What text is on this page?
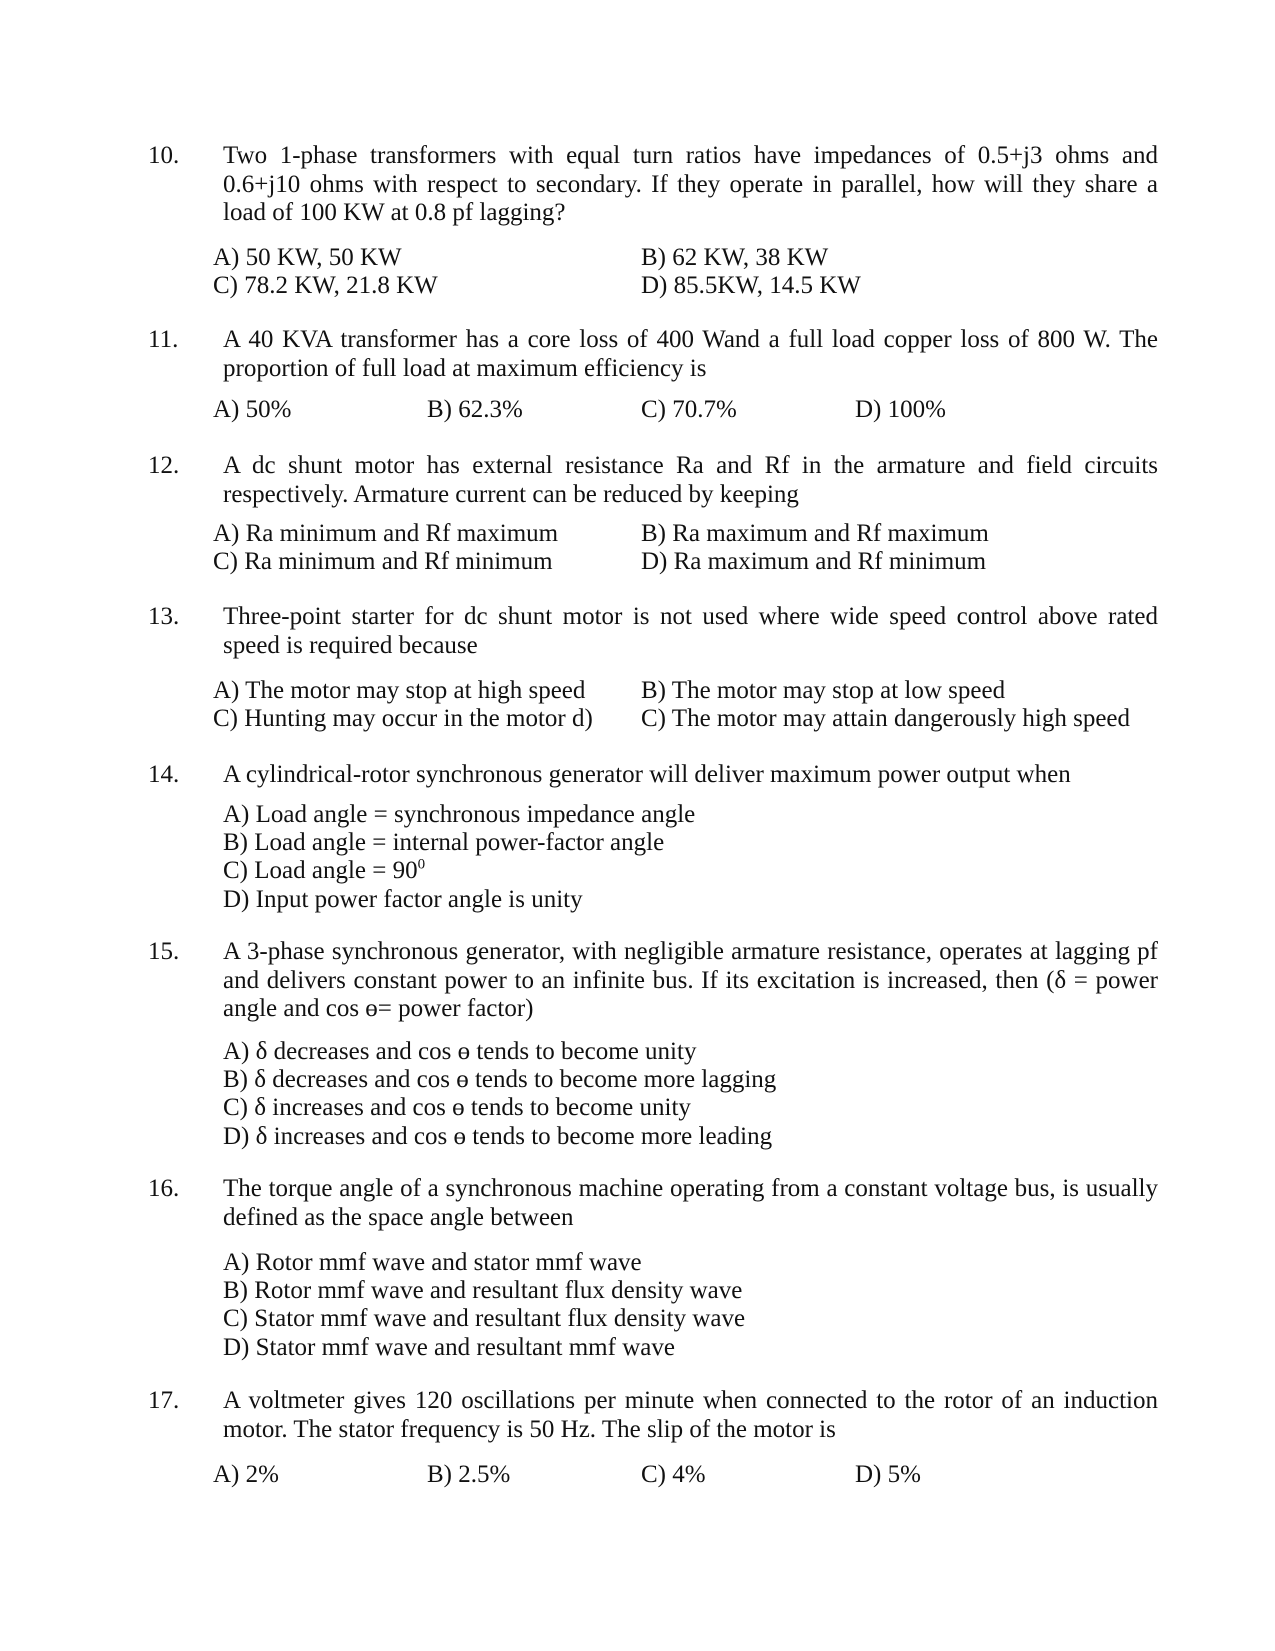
10. Two 1-phase transformers with equal turn ratios have impedances of 0.5+j3 ohms and 0.6+j10 ohms with respect to secondary. If they operate in parallel, how will they share a load of 100 KW at 0.8 pf lagging?
A) 50 KW, 50 KW	B) 62 KW, 38 KW
C) 78.2 KW, 21.8 KW	D) 85.5KW, 14.5 KW
11. A 40 KVA transformer has a core loss of 400 Wand a full load copper loss of 800 W. The proportion of full load at maximum efficiency is
A) 50%	B) 62.3%	C) 70.7%	D) 100%
12. A dc shunt motor has external resistance Ra and Rf in the armature and field circuits respectively. Armature current can be reduced by keeping
A) Ra minimum and Rf maximum	B) Ra maximum and Rf maximum
C) Ra minimum and Rf minimum	D) Ra maximum and Rf minimum
13. Three-point starter for dc shunt motor is not used where wide speed control above rated speed is required because
A) The motor may stop at high speed B) The motor may stop at low speed
C) Hunting may occur in the motor d) C) The motor may attain dangerously high speed
14. A cylindrical-rotor synchronous generator will deliver maximum power output when
A) Load angle = synchronous impedance angle
B) Load angle = internal power-factor angle
C) Load angle = $90^0$
D) Input power factor angle is unity
15. A 3-phase synchronous generator, with negligible armature resistance, operates at lagging pf and delivers constant power to an infinite bus. If its excitation is increased, then (δ = power angle and cos ɵ= power factor)
A) δ decreases and cos ɵ tends to become unity
B) δ decreases and cos ɵ tends to become more lagging
C) δ increases and cos ɵ tends to become unity
D) δ increases and cos ɵ tends to become more leading
16. The torque angle of a synchronous machine operating from a constant voltage bus, is usually defined as the space angle between
A) Rotor mmf wave and stator mmf wave
B) Rotor mmf wave and resultant flux density wave
C) Stator mmf wave and resultant flux density wave
D) Stator mmf wave and resultant mmf wave
17. A voltmeter gives 120 oscillations per minute when connected to the rotor of an induction motor. The stator frequency is 50 Hz. The slip of the motor is
A) 2%	B) 2.5%	C) 4%	D) 5%
